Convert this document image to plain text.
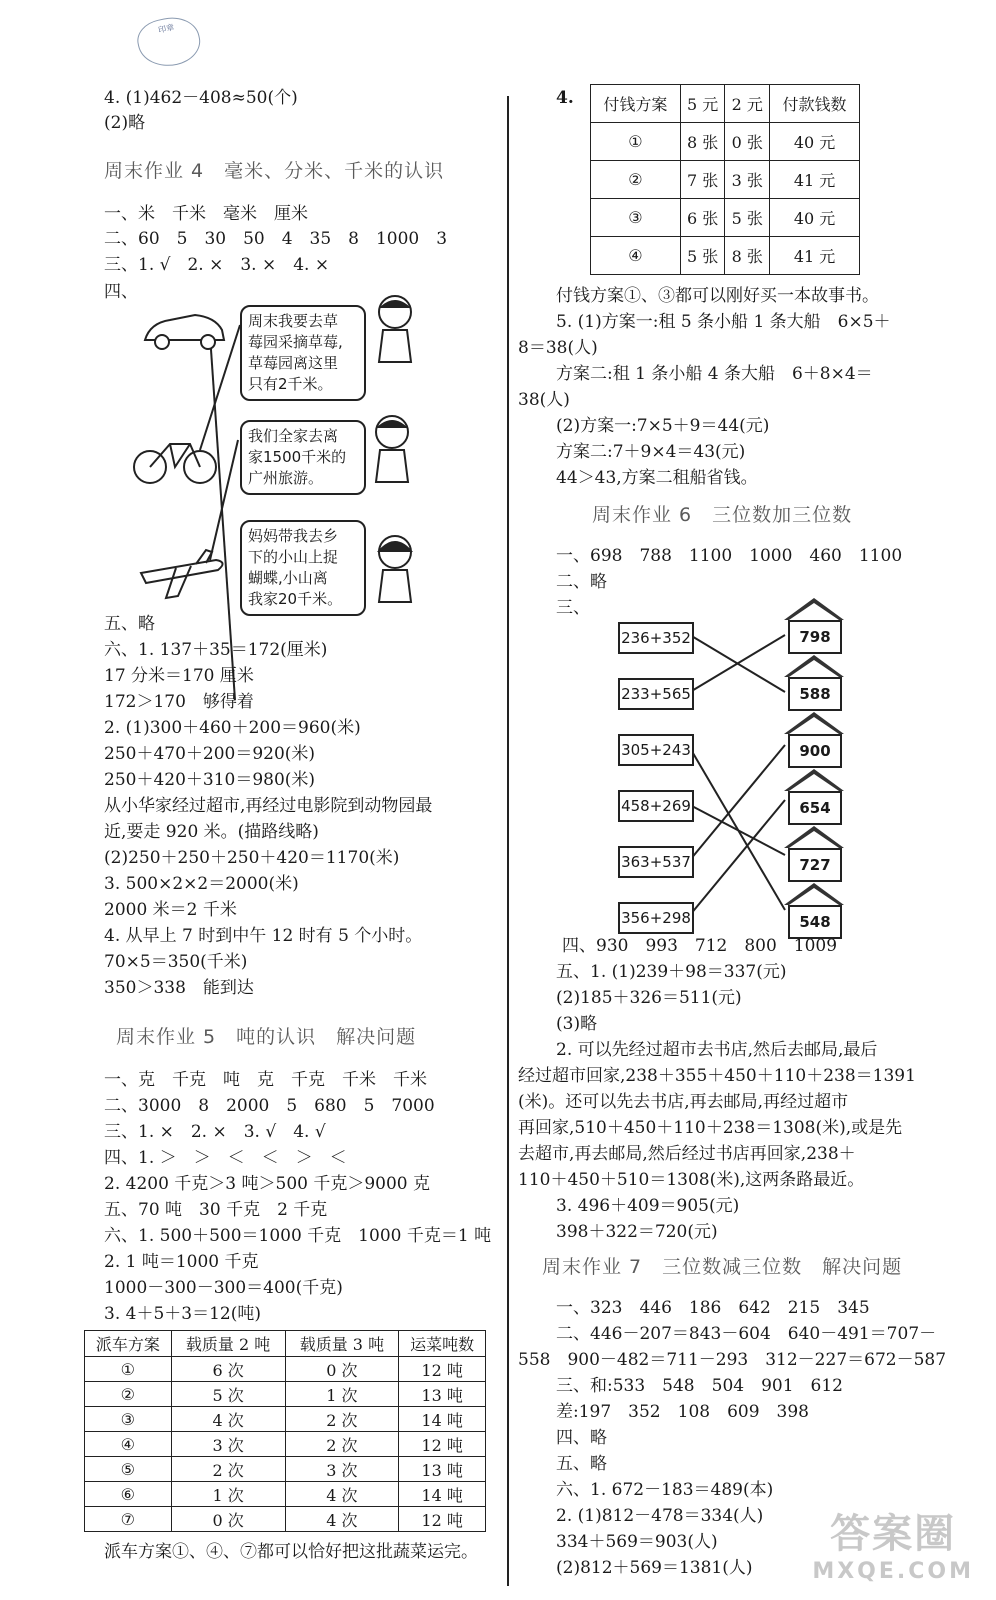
印章
4. (1)462－408≈50(个)
(2)略
周末作业 4　毫米、分米、千米的认识
一、米　千米　毫米　厘米
二、60　5　30　50　4　35　8　1000　3
三、1. √　2. ×　3. ×　4. ×
四、
周末我要去草
莓园采摘草莓,
草莓园离这里
只有2千米。
我们全家去离
家1500千米的
广州旅游。
妈妈带我去乡
下的小山上捉
蝴蝶,小山离
我家20千米。
五、略
六、1. 137＋35＝172(厘米)
17 分米＝170 厘米
172＞170　够得着
2. (1)300＋460＋200＝960(米)
250＋470＋200＝920(米)
250＋420＋310＝980(米)
从小华家经过超市,再经过电影院到动物园最
近,要走 920 米。(描路线略)
(2)250＋250＋250＋420＝1170(米)
3. 500×2×2＝2000(米)
2000 米＝2 千米
4. 从早上 7 时到中午 12 时有 5 个小时。
70×5＝350(千米)
350＞338　能到达
周末作业 5　吨的认识　解决问题
一、克　千克　吨　克　千克　千米　千米
二、3000　8　2000　5　680　5　7000
三、1. ×　2. ×　3. √　4. √
四、1. ＞　＞　＜　＜　＞　＜
2. 4200 千克＞3 吨＞500 千克＞9000 克
五、70 吨　30 千克　2 千克
六、1. 500＋500＝1000 千克　1000 千克＝1 吨
2. 1 吨＝1000 千克
1000－300－300＝400(千克)
3. 4＋5＋3＝12(吨)
派车方案	载质量 2 吨	载质量 3 吨	运菜吨数
①	6 次	0 次	12 吨
②	5 次	1 次	13 吨
③	4 次	2 次	14 吨
④	3 次	2 次	12 吨
⑤	2 次	3 次	13 吨
⑥	1 次	4 次	14 吨
⑦	0 次	4 次	12 吨
派车方案①、④、⑦都可以恰好把这批蔬菜运完。
4. 付钱方案	5 元	2 元	付款钱数
①	8 张	0 张	40 元
②	7 张	3 张	41 元
③	6 张	5 张	40 元
④	5 张	8 张	41 元
付钱方案①、③都可以刚好买一本故事书。
5. (1)方案一:租 5 条小船 1 条大船　6×5＋
8＝38(人)
方案二:租 1 条小船 4 条大船　6＋8×4＝
38(人)
(2)方案一:7×5＋9＝44(元)
方案二:7＋9×4＝43(元)
44＞43,方案二租船省钱。
周末作业 6　三位数加三位数
一、698　788　1100　1000　460　1100
二、略
三、
236+352
233+565
305+243
458+269
363+537
356+298
798
588
900
654
727
548
四、930　993　712　800　1009
五、1. (1)239＋98＝337(元)
(2)185＋326＝511(元)
(3)略
2. 可以先经过超市去书店,然后去邮局,最后
经过超市回家,238＋355＋450＋110＋238＝1391
(米)。还可以先去书店,再去邮局,再经过超市
再回家,510＋450＋110＋238＝1308(米),或是先
去超市,再去邮局,然后经过书店再回家,238＋
110＋450＋510＝1308(米),这两条路最近。
3. 496＋409＝905(元)
398＋322＝720(元)
周末作业 7　三位数减三位数　解决问题
一、323　446　186　642　215　345
二、446－207＝843－604　640－491＝707－
558　900－482＝711－293　312－227＝672－587
三、和:533　548　504　901　612
差:197　352　108　609　398
四、略
五、略
六、1. 672－183＝489(本)
2. (1)812－478＝334(人)
334＋569＝903(人)
(2)812＋569＝1381(人)
答案圈
MXQE.COM
